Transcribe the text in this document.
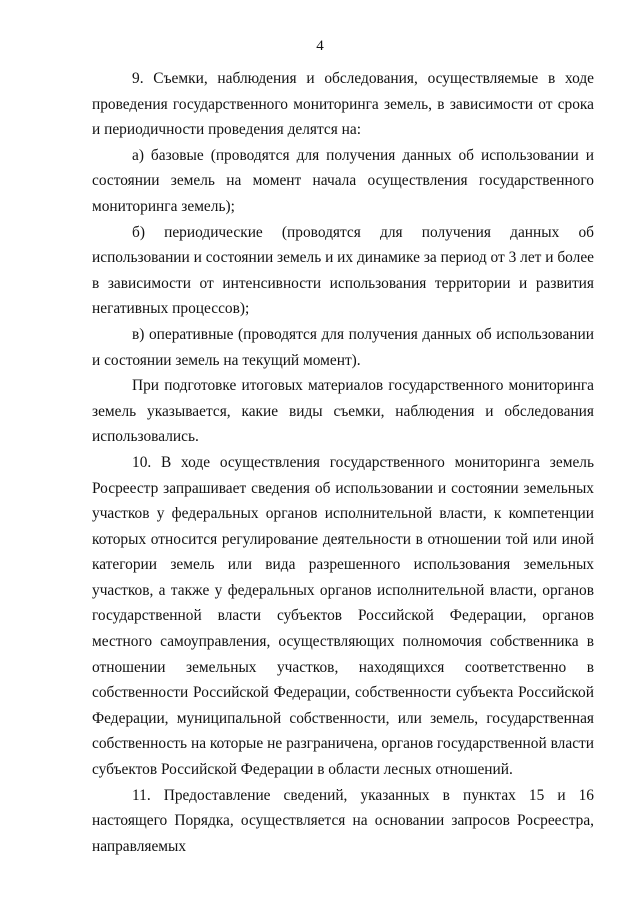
4

9. Съемки, наблюдения и обследования, осуществляемые в ходе проведения государственного мониторинга земель, в зависимости от срока и периодичности проведения делятся на:

а) базовые (проводятся для получения данных об использовании и состоянии земель на момент начала осуществления государственного мониторинга земель);

б) периодические (проводятся для получения данных об использовании и состоянии земель и их динамике за период от 3 лет и более в зависимости от интенсивности использования территории и развития негативных процессов);

в) оперативные (проводятся для получения данных об использовании и состоянии земель на текущий момент).

При подготовке итоговых материалов государственного мониторинга земель указывается, какие виды съемки, наблюдения и обследования использовались.

10. В ходе осуществления государственного мониторинга земель Росреестр запрашивает сведения об использовании и состоянии земельных участков у федеральных органов исполнительной власти, к компетенции которых относится регулирование деятельности в отношении той или иной категории земель или вида разрешенного использования земельных участков, а также у федеральных органов исполнительной власти, органов государственной власти субъектов Российской Федерации, органов местного самоуправления, осуществляющих полномочия собственника в отношении земельных участков, находящихся соответственно в собственности Российской Федерации, собственности субъекта Российской Федерации, муниципальной собственности, или земель, государственная собственность на которые не разграничена, органов государственной власти субъектов Российской Федерации в области лесных отношений.

11. Предоставление сведений, указанных в пунктах 15 и 16 настоящего Порядка, осуществляется на основании запросов Росреестра, направляемых
